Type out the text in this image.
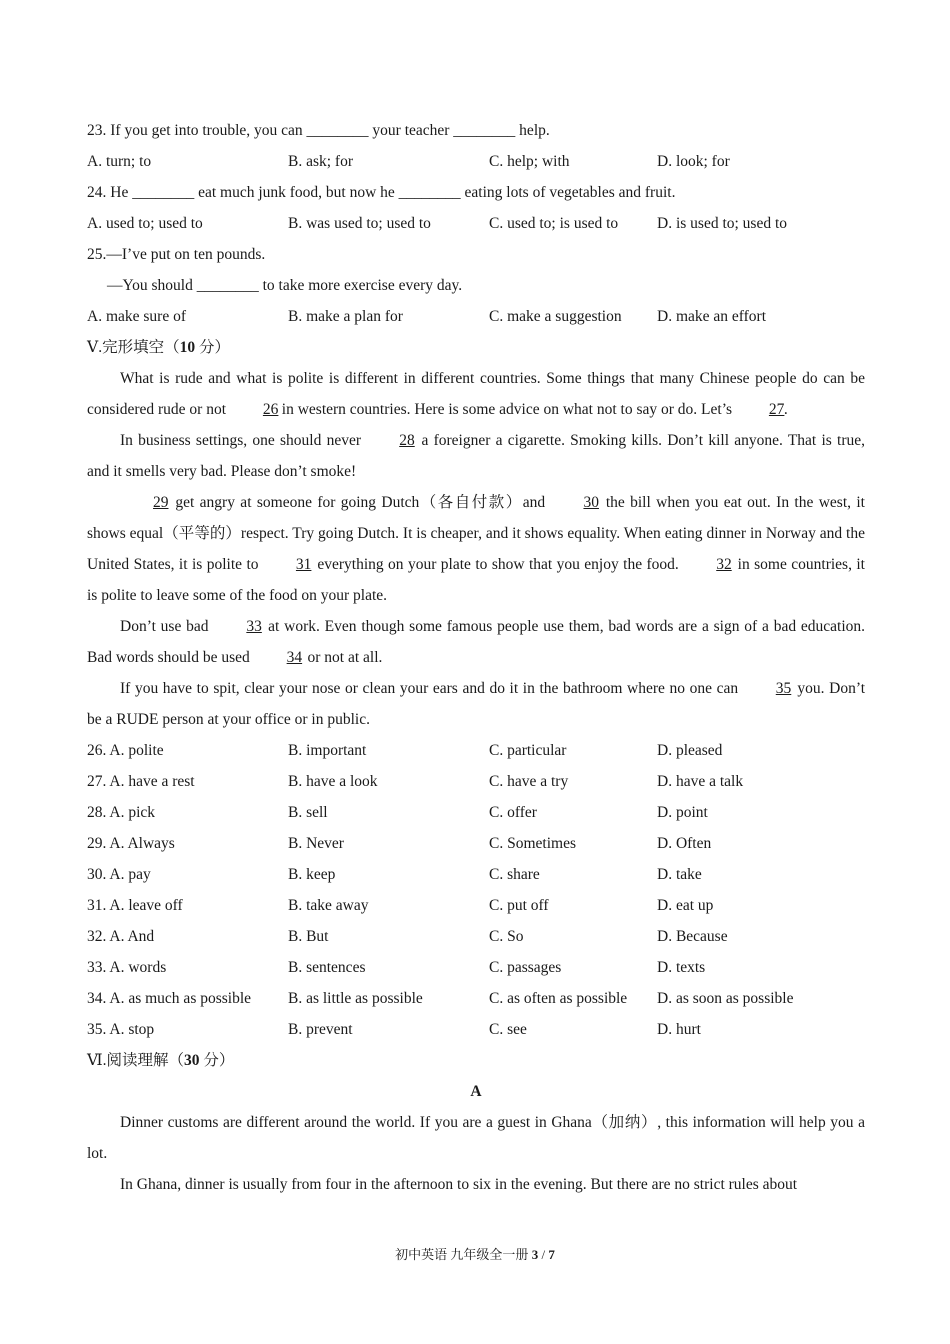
23. If you get into trouble, you can ________ your teacher ________ help.
A. turn; to	B. ask; for	C. help; with	D. look; for
24. He ________ eat much junk food, but now he ________ eating lots of vegetables and fruit.
A. used to; used to	B. was used to; used to	C. used to; is used to	D. is used to; used to
25.—I’ve put on ten pounds.
—You should ________ to take more exercise every day.
A. make sure of	B. make a plan for	C. make a suggestion	D. make an effort
Ⅴ.完形填空（10 分）
What is rude and what is polite is different in different countries. Some things that many Chinese people do can be considered rude or not 26 in western countries. Here is some advice on what not to say or do. Let’s 27.
In business settings, one should never 28 a foreigner a cigarette. Smoking kills. Don’t kill anyone. That is true, and it smells very bad. Please don’t smoke!
29 get angry at someone for going Dutch（各自付款）and 30 the bill when you eat out. In the west, it shows equal（平等的）respect. Try going Dutch. It is cheaper, and it shows equality. When eating dinner in Norway and the United States, it is polite to 31 everything on your plate to show that you enjoy the food. 32 in some countries, it is polite to leave some of the food on your plate.
Don’t use bad 33 at work. Even though some famous people use them, bad words are a sign of a bad education. Bad words should be used 34 or not at all.
If you have to spit, clear your nose or clean your ears and do it in the bathroom where no one can 35 you. Don’t be a RUDE person at your office or in public.
26. A. polite	B. important	C. particular	D. pleased
27. A. have a rest	B. have a look	C. have a try	D. have a talk
28. A. pick	B. sell	C. offer	D. point
29. A. Always	B. Never	C. Sometimes	D. Often
30. A. pay	B. keep	C. share	D. take
31. A. leave off	B. take away	C. put off	D. eat up
32. A. And	B. But	C. So	D. Because
33. A. words	B. sentences	C. passages	D. texts
34. A. as much as possible	B. as little as possible	C. as often as possible	D. as soon as possible
35. A. stop	B. prevent	C. see	D. hurt
Ⅵ.阅读理解（30 分）
A
Dinner customs are different around the world. If you are a guest in Ghana（加纳）, this information will help you a lot.
In Ghana, dinner is usually from four in the afternoon to six in the evening. But there are no strict rules about
初中英语 九年级全一册 3 / 7
